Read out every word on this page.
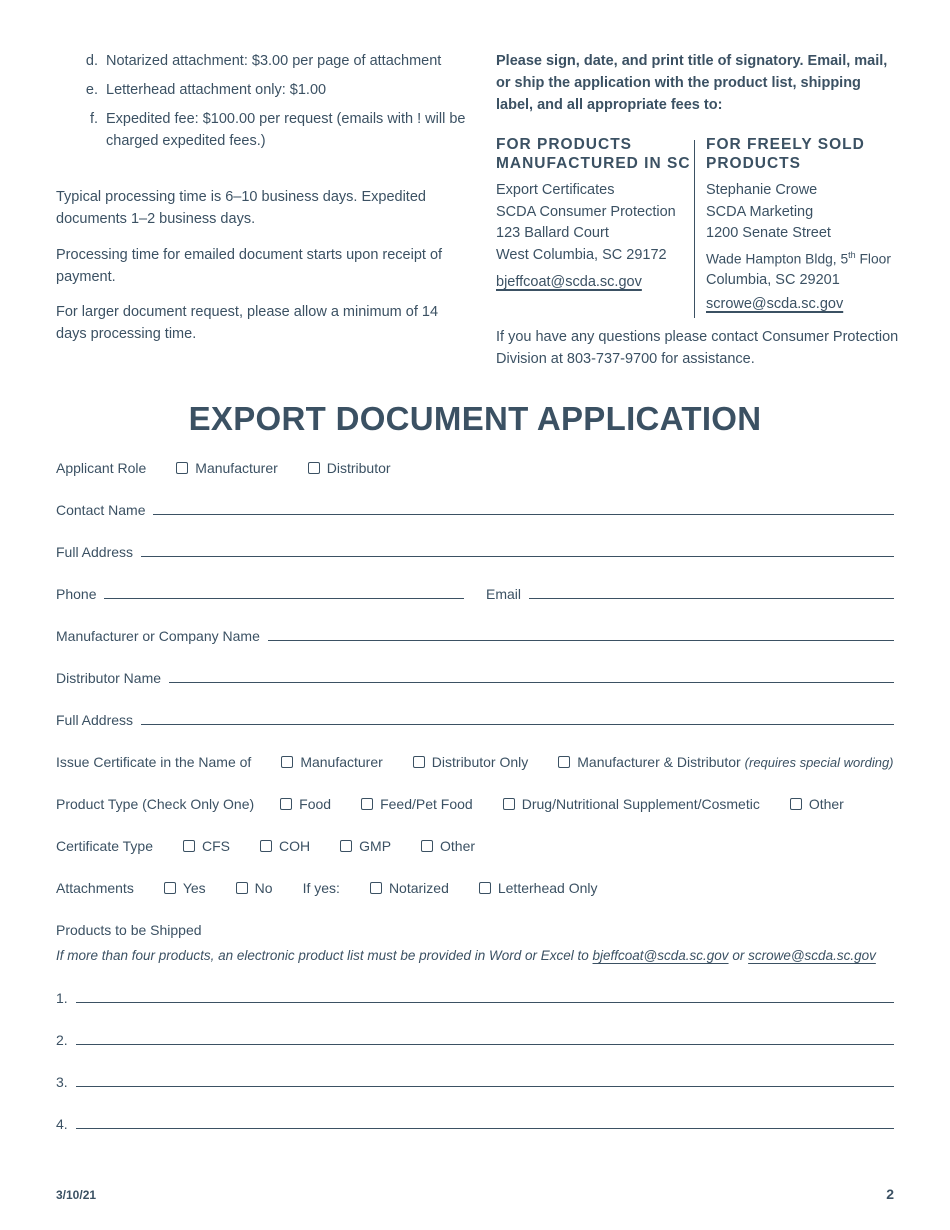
d. Notarized attachment: $3.00 per page of attachment
e. Letterhead attachment only: $1.00
f. Expedited fee: $100.00 per request (emails with ! will be charged expedited fees.)
Typical processing time is 6–10 business days. Expedited documents 1–2 business days.
Processing time for emailed document starts upon receipt of payment.
For larger document request, please allow a minimum of 14 days processing time.
Please sign, date, and print title of signatory. Email, mail, or ship the application with the product list, shipping label, and all appropriate fees to:
FOR PRODUCTS MANUFACTURED IN SC
Export Certificates
SCDA Consumer Protection
123 Ballard Court
West Columbia, SC 29172
bjeffcoat@scda.sc.gov
FOR FREELY SOLD PRODUCTS
Stephanie Crowe
SCDA Marketing
1200 Senate Street
Wade Hampton Bldg, 5th Floor
Columbia, SC 29201
scrowe@scda.sc.gov
If you have any questions please contact Consumer Protection Division at 803-737-9700 for assistance.
EXPORT DOCUMENT APPLICATION
Applicant Role	Manufacturer	Distributor
Contact Name
Full Address
Phone	Email
Manufacturer or Company Name
Distributor Name
Full Address
Issue Certificate in the Name of	Manufacturer	Distributor Only	Manufacturer & Distributor (requires special wording)
Product Type (Check Only One)	Food	Feed/Pet Food	Drug/Nutritional Supplement/Cosmetic	Other
Certificate Type	CFS	COH	GMP	Other
Attachments	Yes	No If yes:	Notarized	Letterhead Only
Products to be Shipped
If more than four products, an electronic product list must be provided in Word or Excel to bjeffcoat@scda.sc.gov or scrowe@scda.sc.gov
1.
2.
3.
4.
3/10/21	2
